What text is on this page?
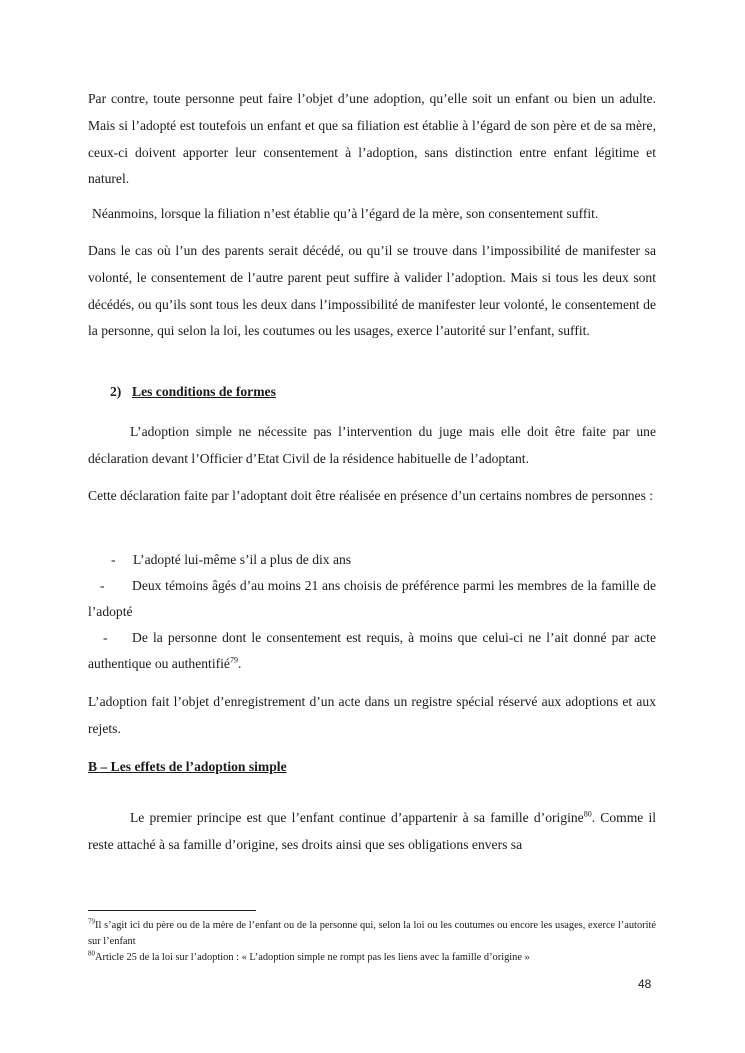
Par contre, toute personne peut faire l’objet d’une adoption, qu’elle soit un enfant ou bien un adulte. Mais si l’adopté est toutefois un enfant et que sa filiation est établie à l’égard de son père et de sa mère, ceux-ci doivent apporter leur consentement à l’adoption, sans distinction entre enfant légitime et naturel.

Néanmoins, lorsque la filiation n’est établie qu’à l’égard de la mère, son consentement suffit.

Dans le cas où l’un des parents serait décédé, ou qu’il se trouve dans l’impossibilité de manifester sa volonté, le consentement de l’autre parent peut suffire à valider l’adoption. Mais si tous les deux sont décédés, ou qu’ils sont tous les deux dans l’impossibilité de manifester leur volonté, le consentement de la personne, qui selon la loi, les coutumes ou les usages, exerce l’autorité sur l’enfant, suffit.

2) Les conditions de formes

L’adoption simple ne nécessite pas l’intervention du juge mais elle doit être faite par une déclaration devant l’Officier d’Etat Civil de la résidence habituelle de l’adoptant.

Cette déclaration faite par l’adoptant doit être réalisée en présence d’un certains nombres de personnes :

- L’adopté lui-même s’il a plus de dix ans

- Deux témoins âgés d’au moins 21 ans choisis de préférence parmi les membres de la famille de l’adopté

- De la personne dont le consentement est requis, à moins que celui-ci ne l’ait donné par acte authentique ou authentifié$^{79}$.

L’adoption fait l’objet d’enregistrement d’un acte dans un registre spécial réservé aux adoptions et aux rejets.

B – Les effets de l’adoption simple

Le premier principe est que l’enfant continue d’appartenir à sa famille d’origine$^{80}$. Comme il reste attaché à sa famille d’origine, ses droits ainsi que ses obligations envers sa

$^{79}$Il s’agit ici du père ou de la mère de l’enfant ou de la personne qui, selon la loi ou les coutumes ou encore les usages, exerce l’autorité sur l’enfant

$^{80}$Article 25 de la loi sur l’adoption : « L’adoption simple ne rompt pas les liens avec la famille d’origine »

48
